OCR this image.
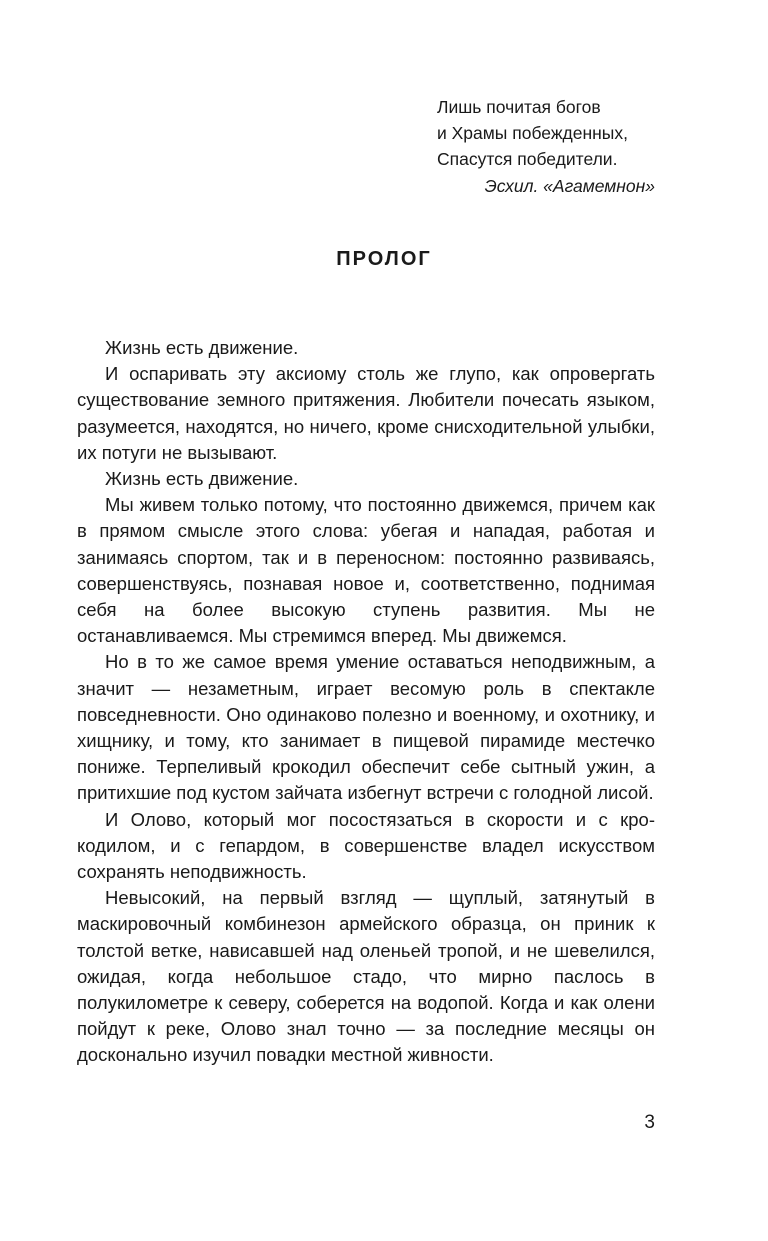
Лишь почитая богов
и Храмы побежденных,
Спасутся победители.
Эсхил. «Агамемнон»
ПРОЛОГ

Жизнь есть движение.

И оспаривать эту аксиому столь же глупо, как опровергать существование земного притяжения. Любители почесать языком, разумеется, находятся, но ничего, кроме снисходительной улыбки, их потуги не вызывают.

Жизнь есть движение.

Мы живем только потому, что постоянно движемся, причем как в прямом смысле этого слова: убегая и нападая, работая и занимаясь спортом, так и в переносном: постоянно развиваясь, совершенствуясь, познавая новое и, соответственно, поднимая себя на более высокую ступень развития. Мы не останавливаемся. Мы стремимся вперед. Мы движемся.

Но в то же самое время умение оставаться неподвижным, а значит — незаметным, играет весомую роль в спектакле повседневности. Оно одинаково полезно и военному, и охотнику, и хищнику, и тому, кто занимает в пищевой пирамиде местечко пониже. Терпеливый крокодил обеспечит себе сытный ужин, а притихшие под кустом зайчата избегнут встречи с голодной лисой.

И Олово, который мог посостязаться в скорости и с крокодилом, и с гепардом, в совершенстве владел искусством сохранять неподвижность.

Невысокий, на первый взгляд — щуплый, затянутый в маскировочный комбинезон армейского образца, он приник к толстой ветке, нависавшей над оленьей тропой, и не шевелился, ожидая, когда небольшое стадо, что мирно паслось в полукилометре к северу, соберется на водопой. Когда и как олени пойдут к реке, Олово знал точно — за последние месяцы он досконально изучил повадки местной живности.

3
